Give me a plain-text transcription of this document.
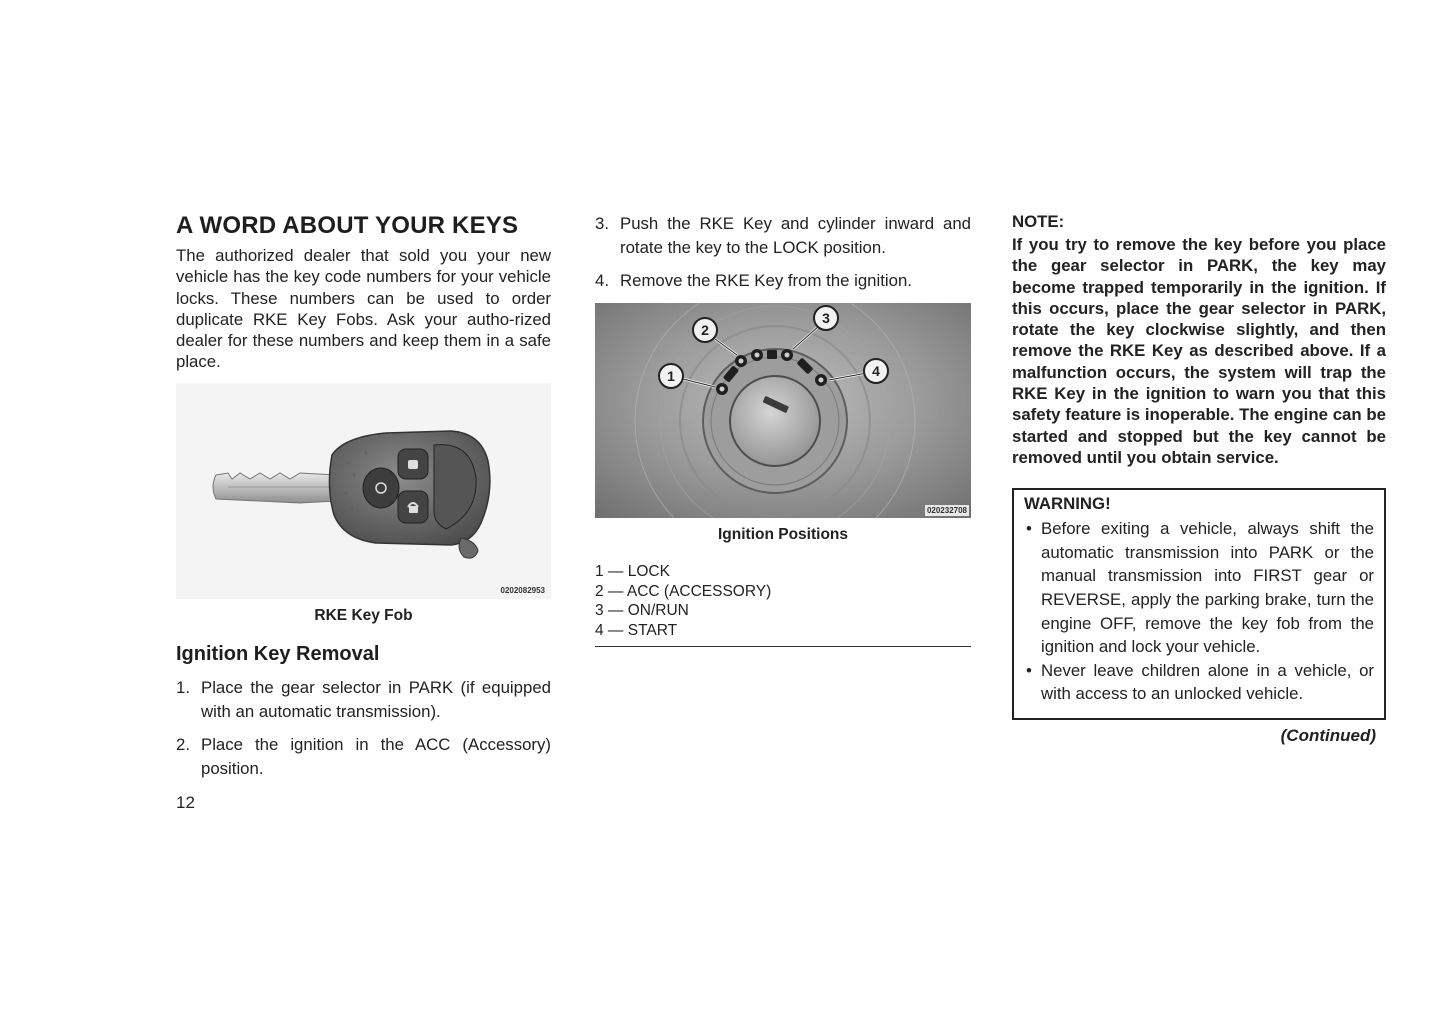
A WORD ABOUT YOUR KEYS

The authorized dealer that sold you your new vehicle has the key code numbers for your vehicle locks. These numbers can be used to order duplicate RKE Key Fobs. Ask your autho-rized dealer for these numbers and keep them in a safe place.

0202082953
RKE Key Fob
Ignition Key Removal
1. Place the gear selector in PARK (if equipped with an automatic transmission).
2. Place the ignition in the ACC (Accessory) position.
3. Push the RKE Key and cylinder inward and rotate the key to the LOCK position.
4. Remove the RKE Key from the ignition.
1
2
3
4
020232708
Ignition Positions
1 — LOCK
2 — ACC (ACCESSORY)
3 — ON/RUN
4 — START
NOTE:

If you try to remove the key before you place the gear selector in PARK, the key may become trapped temporarily in the ignition. If this occurs, place the gear selector in PARK, rotate the key clockwise slightly, and then remove the RKE Key as described above. If a malfunction occurs, the system will trap the RKE Key in the ignition to warn you that this safety feature is inoperable. The engine can be started and stopped but the key cannot be removed until you obtain service.

WARNING!
• Before exiting a vehicle, always shift the automatic transmission into PARK or the manual transmission into FIRST gear or REVERSE, apply the parking brake, turn the engine OFF, remove the key fob from the ignition and lock your vehicle.
• Never leave children alone in a vehicle, or with access to an unlocked vehicle.
(Continued)
12
